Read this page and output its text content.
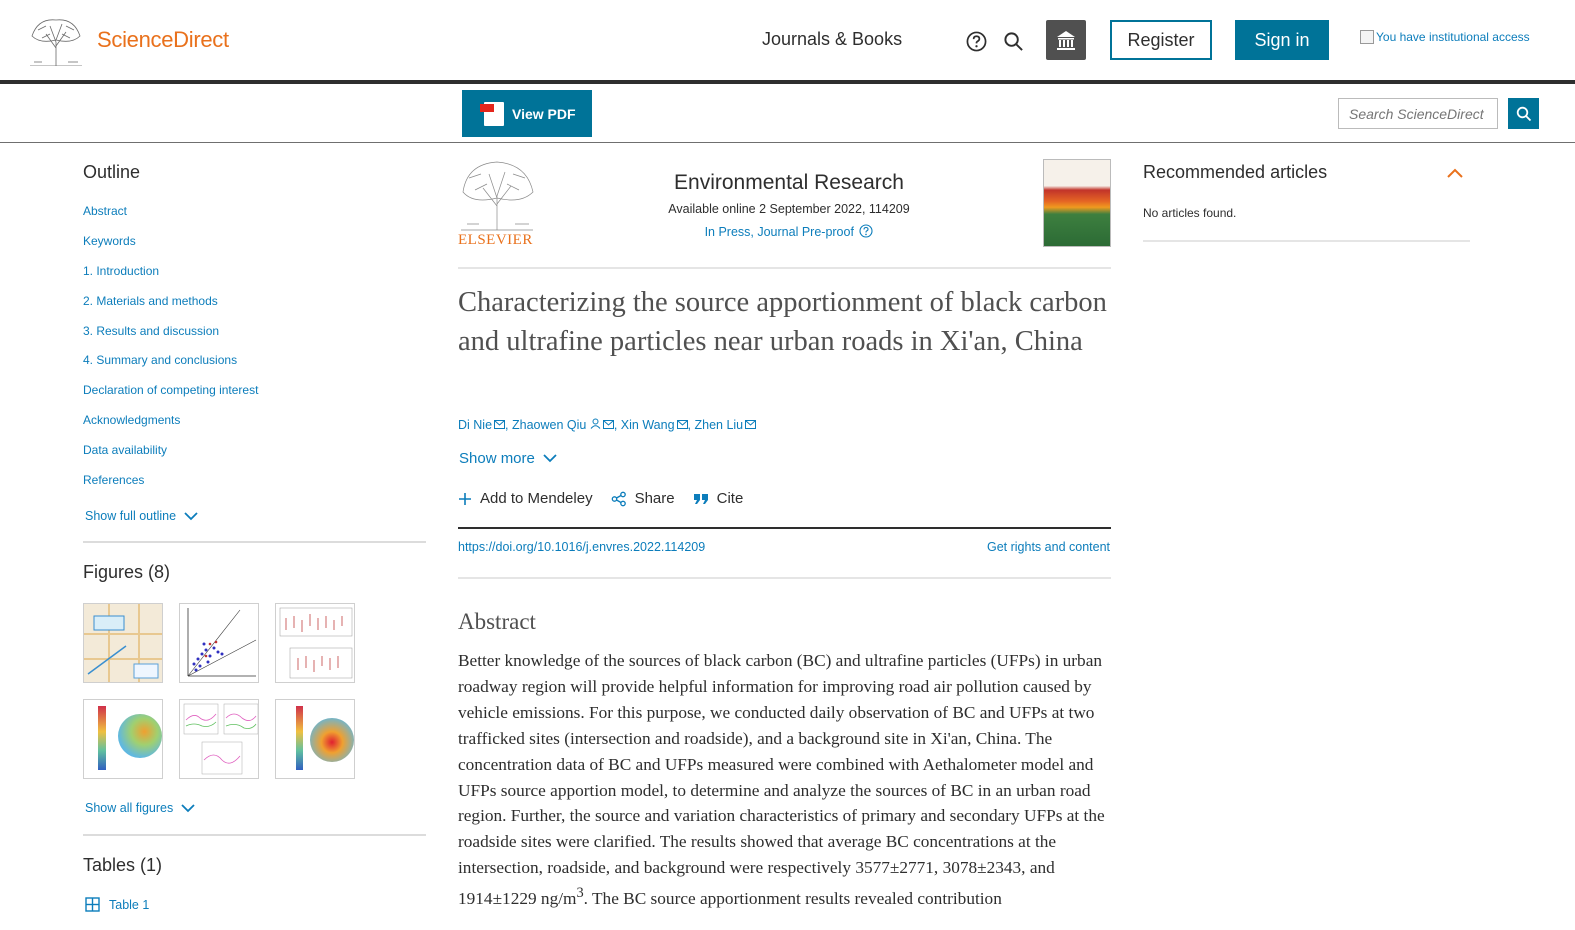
ScienceDirect	Journals & Books	Register	Sign in	You have institutional access
View PDF
Search ScienceDirect
Outline
Abstract
Keywords
1. Introduction
2. Materials and methods
3. Results and discussion
4. Summary and conclusions
Declaration of competing interest
Acknowledgments
Data availability
References
Show full outline
Figures (8)
Show all figures
Tables (1)
Table 1
ELSEVIER
Environmental Research
Available online 2 September 2022, 114209
In Press, Journal Pre-proof
Characterizing the source apportionment of black carbon and ultrafine particles near urban roads in Xi'an, China
Di Nie , Zhaowen Qiu , Xin Wang , Zhen Liu
Show more
Add to Mendeley	Share	Cite
https://doi.org/10.1016/j.envres.2022.114209	Get rights and content
Abstract

Better knowledge of the sources of black carbon (BC) and ultrafine particles (UFPs) in urban roadway region will provide helpful information for improving road air pollution caused by vehicle emissions. For this purpose, we conducted daily observation of BC and UFPs at two trafficked sites (intersection and roadside), and a background site in Xi'an, China. The concentration data of BC and UFPs measured were combined with Aethalometer model and UFPs source apportion model, to determine and analyze the sources of BC in an urban road region. Further, the source and variation characteristics of primary and secondary UFPs at the roadside sites were clarified. The results showed that average BC concentrations at the intersection, roadside, and background were respectively 3577±2771, 3078±2343, and 1914±1229 $ng/m^3$. The BC source apportionment results revealed contribution

Recommended articles
No articles found.
